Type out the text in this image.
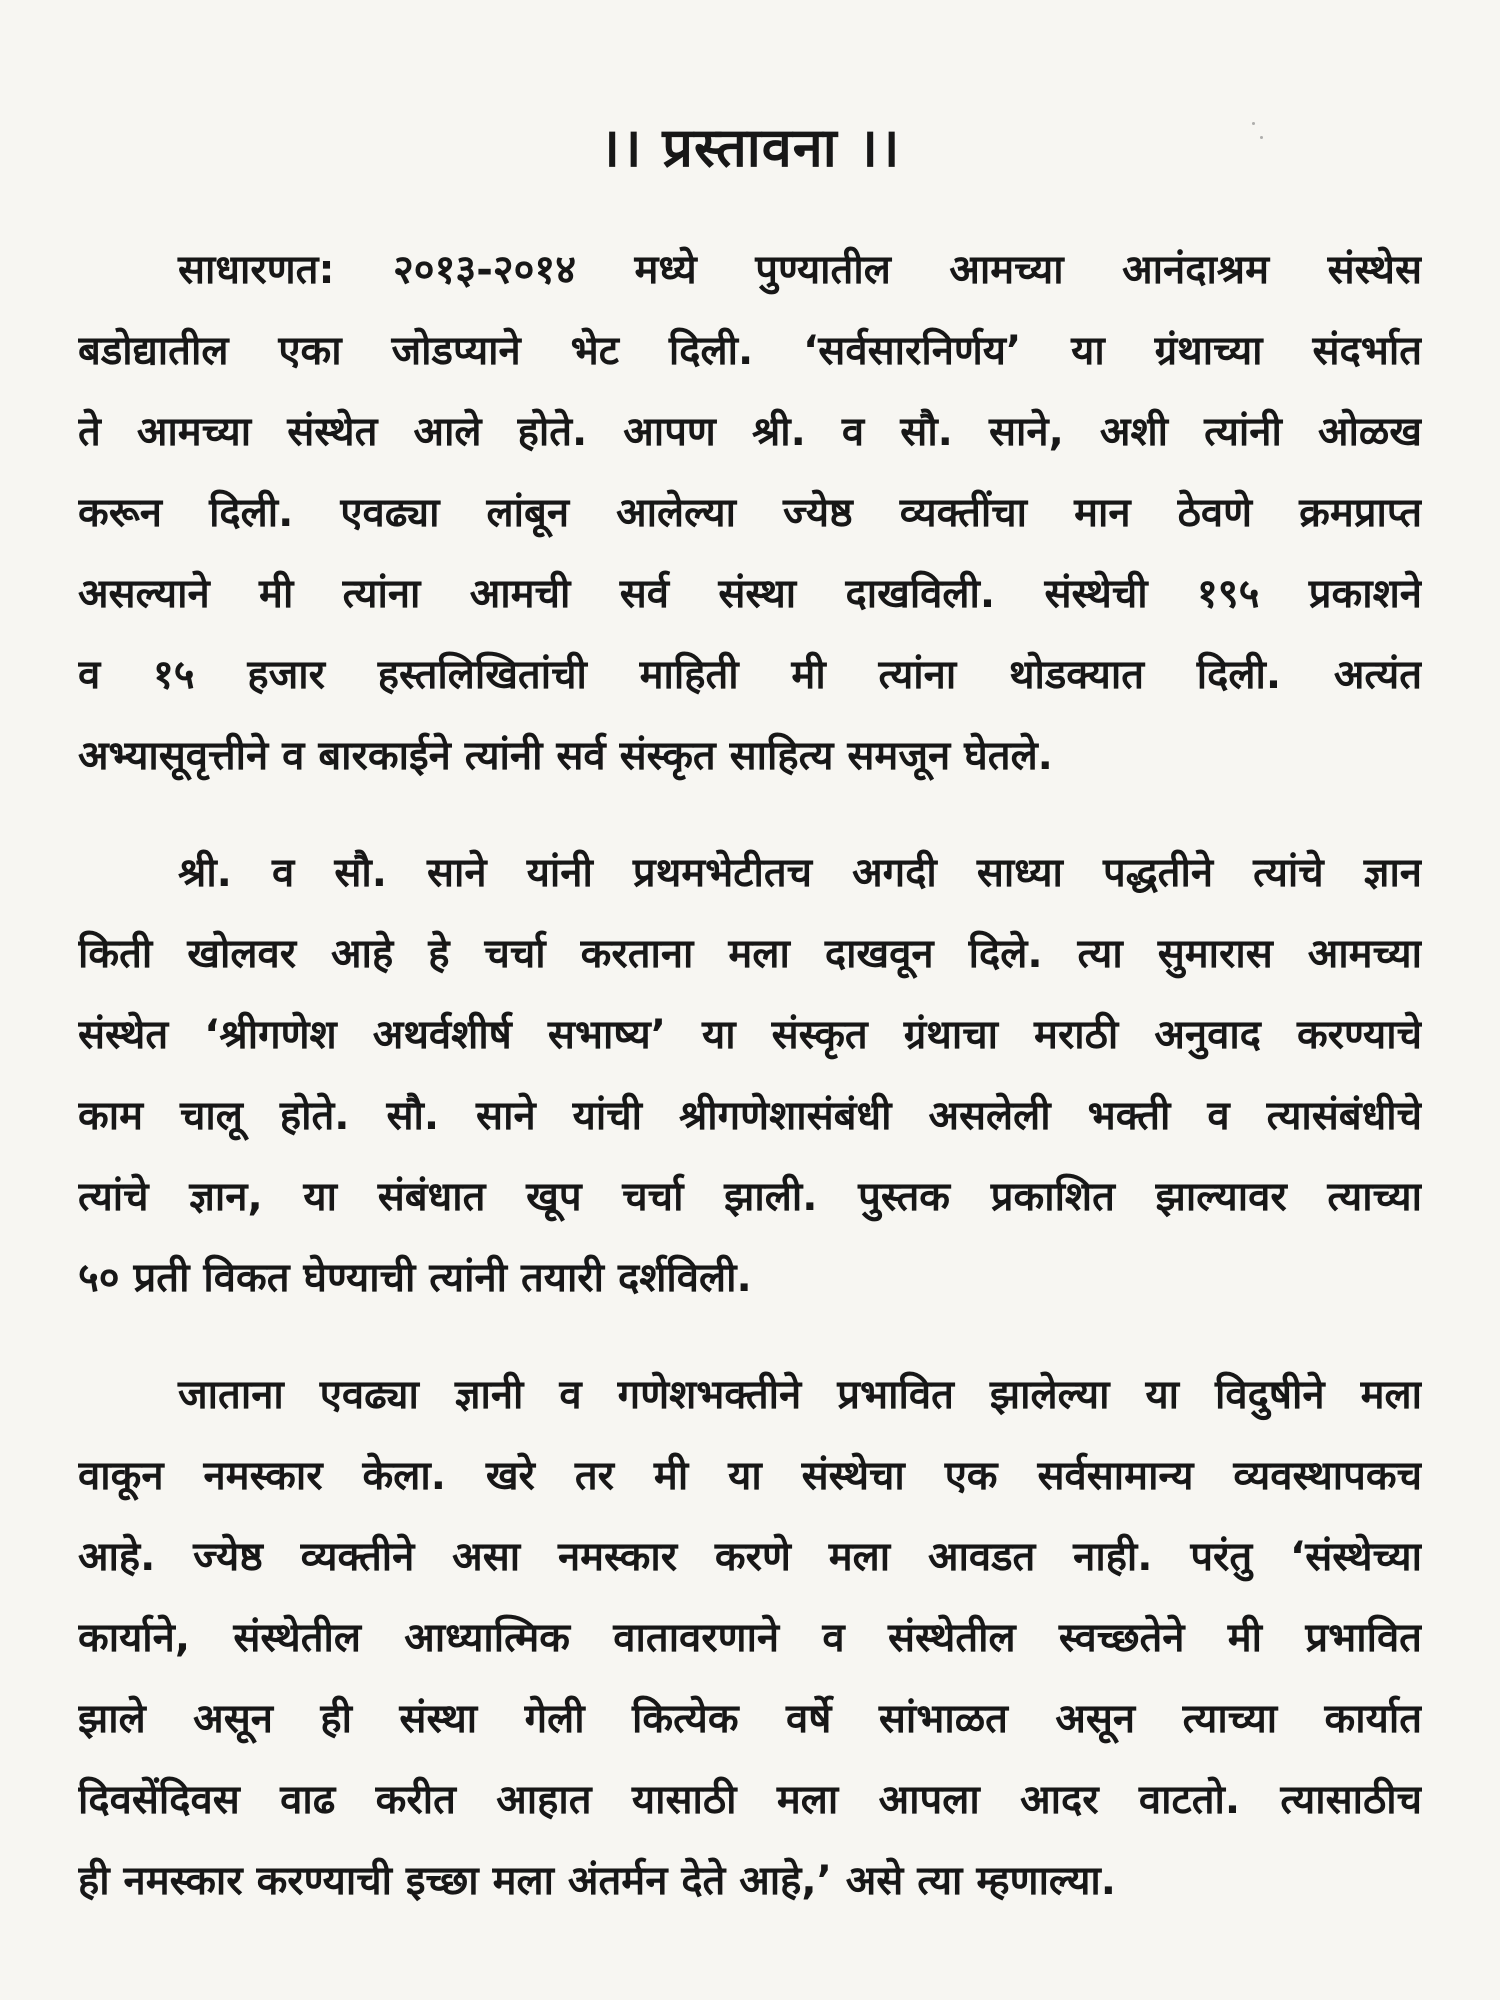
।। प्रस्तावना ।।
साधारणत: २०१३-२०१४ मध्ये पुण्यातील आमच्या आनंदाश्रम संस्थेस
बडोद्यातील एका जोडप्याने भेट दिली. ‘सर्वसारनिर्णय’ या ग्रंथाच्या संदर्भात
ते आमच्या संस्थेत आले होते. आपण श्री. व सौ. साने, अशी त्यांनी ओळख
करून दिली. एवढ्या लांबून आलेल्या ज्येष्ठ व्यक्तींचा मान ठेवणे क्रमप्राप्त
असल्याने मी त्यांना आमची सर्व संस्था दाखविली. संस्थेची १९५ प्रकाशने
व १५ हजार हस्तलिखितांची माहिती मी त्यांना थोडक्यात दिली. अत्यंत
अभ्यासूवृत्तीने व बारकाईने त्यांनी सर्व संस्कृत साहित्य समजून घेतले.
श्री. व सौ. साने यांनी प्रथमभेटीतच अगदी साध्या पद्धतीने त्यांचे ज्ञान
किती खोलवर आहे हे चर्चा करताना मला दाखवून दिले. त्या सुमारास आमच्या
संस्थेत ‘श्रीगणेश अथर्वशीर्ष सभाष्य’ या संस्कृत ग्रंथाचा मराठी अनुवाद करण्याचे
काम चालू होते. सौ. साने यांची श्रीगणेशासंबंधी असलेली भक्ती व त्यासंबंधीचे
त्यांचे ज्ञान, या संबंधात खूप चर्चा झाली. पुस्तक प्रकाशित झाल्यावर त्याच्या
५० प्रती विकत घेण्याची त्यांनी तयारी दर्शविली.
जाताना एवढ्या ज्ञानी व गणेशभक्तीने प्रभावित झालेल्या या विदुषीने मला
वाकून नमस्कार केला. खरे तर मी या संस्थेचा एक सर्वसामान्य व्यवस्थापकच
आहे. ज्येष्ठ व्यक्तीने असा नमस्कार करणे मला आवडत नाही. परंतु ‘संस्थेच्या
कार्याने, संस्थेतील आध्यात्मिक वातावरणाने व संस्थेतील स्वच्छतेने मी प्रभावित
झाले असून ही संस्था गेली कित्येक वर्षे सांभाळत असून त्याच्या कार्यात
दिवसेंदिवस वाढ करीत आहात यासाठी मला आपला आदर वाटतो. त्यासाठीच
ही नमस्कार करण्याची इच्छा मला अंतर्मन देते आहे,’ असे त्या म्हणाल्या.
